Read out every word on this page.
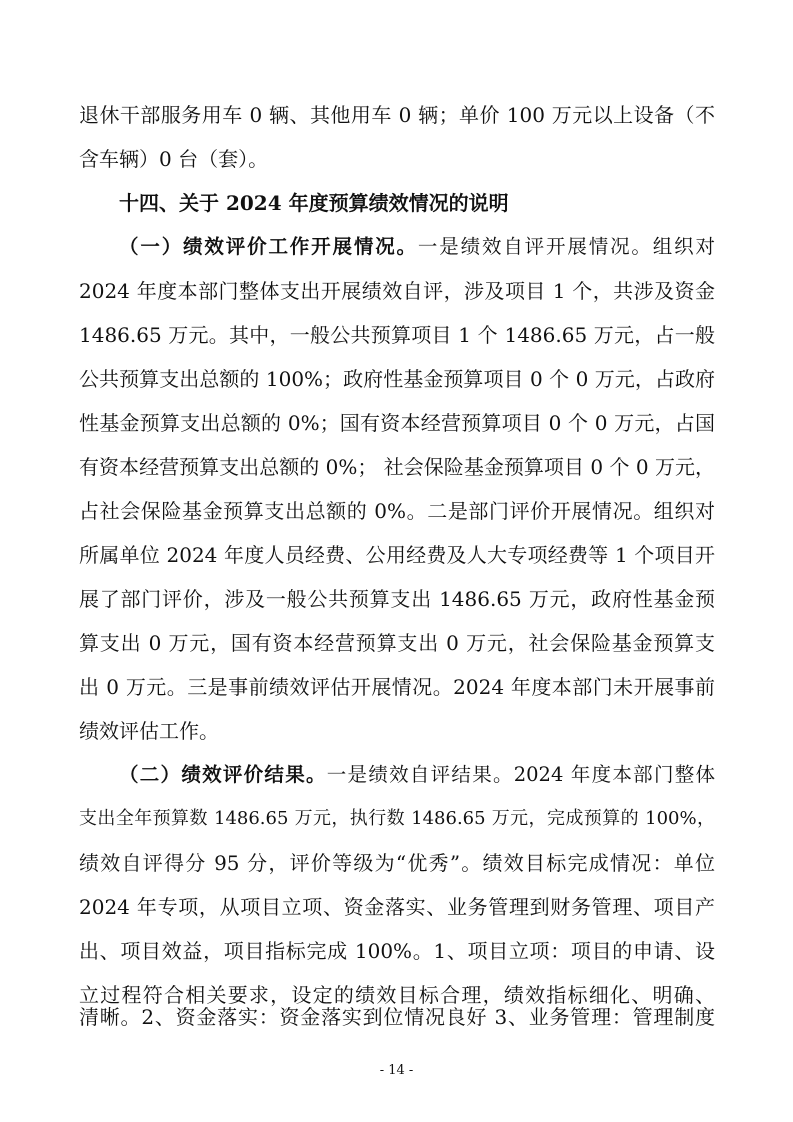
退休干部服务用车 0 辆、其他用车 0 辆；单价 100 万元以上设备（不
含车辆）0 台（套）。
十四、关于 2024 年度预算绩效情况的说明
（一）绩效评价工作开展情况。一是绩效自评开展情况。组织对
2024 年度本部门整体支出开展绩效自评，涉及项目 1 个，共涉及资金
1486.65 万元。其中，一般公共预算项目 1 个 1486.65 万元，占一般
公共预算支出总额的 100%；政府性基金预算项目 0 个 0 万元，占政府
性基金预算支出总额的 0%；国有资本经营预算项目 0 个 0 万元，占国
有资本经营预算支出总额的 0%； 社会保险基金预算项目 0 个 0 万元，
占社会保险基金预算支出总额的 0%。二是部门评价开展情况。组织对
所属单位 2024 年度人员经费、公用经费及人大专项经费等 1 个项目开
展了部门评价，涉及一般公共预算支出 1486.65 万元，政府性基金预
算支出 0 万元，国有资本经营预算支出 0 万元，社会保险基金预算支
出 0 万元。三是事前绩效评估开展情况。2024 年度本部门未开展事前
绩效评估工作。
（二）绩效评价结果。一是绩效自评结果。2024 年度本部门整体
支出全年预算数 1486.65 万元，执行数 1486.65 万元，完成预算的 100%，
绩效自评得分 95 分，评价等级为“优秀”。绩效目标完成情况：单位
2024 年专项，从项目立项、资金落实、业务管理到财务管理、项目产
出、项目效益，项目指标完成 100%。1、项目立项：项目的申请、设
立过程符合相关要求，设定的绩效目标合理，绩效指标细化、明确、
清晰。2、资金落实：资金落实到位情况良好 3、业务管理：管理制度
- 14 -
